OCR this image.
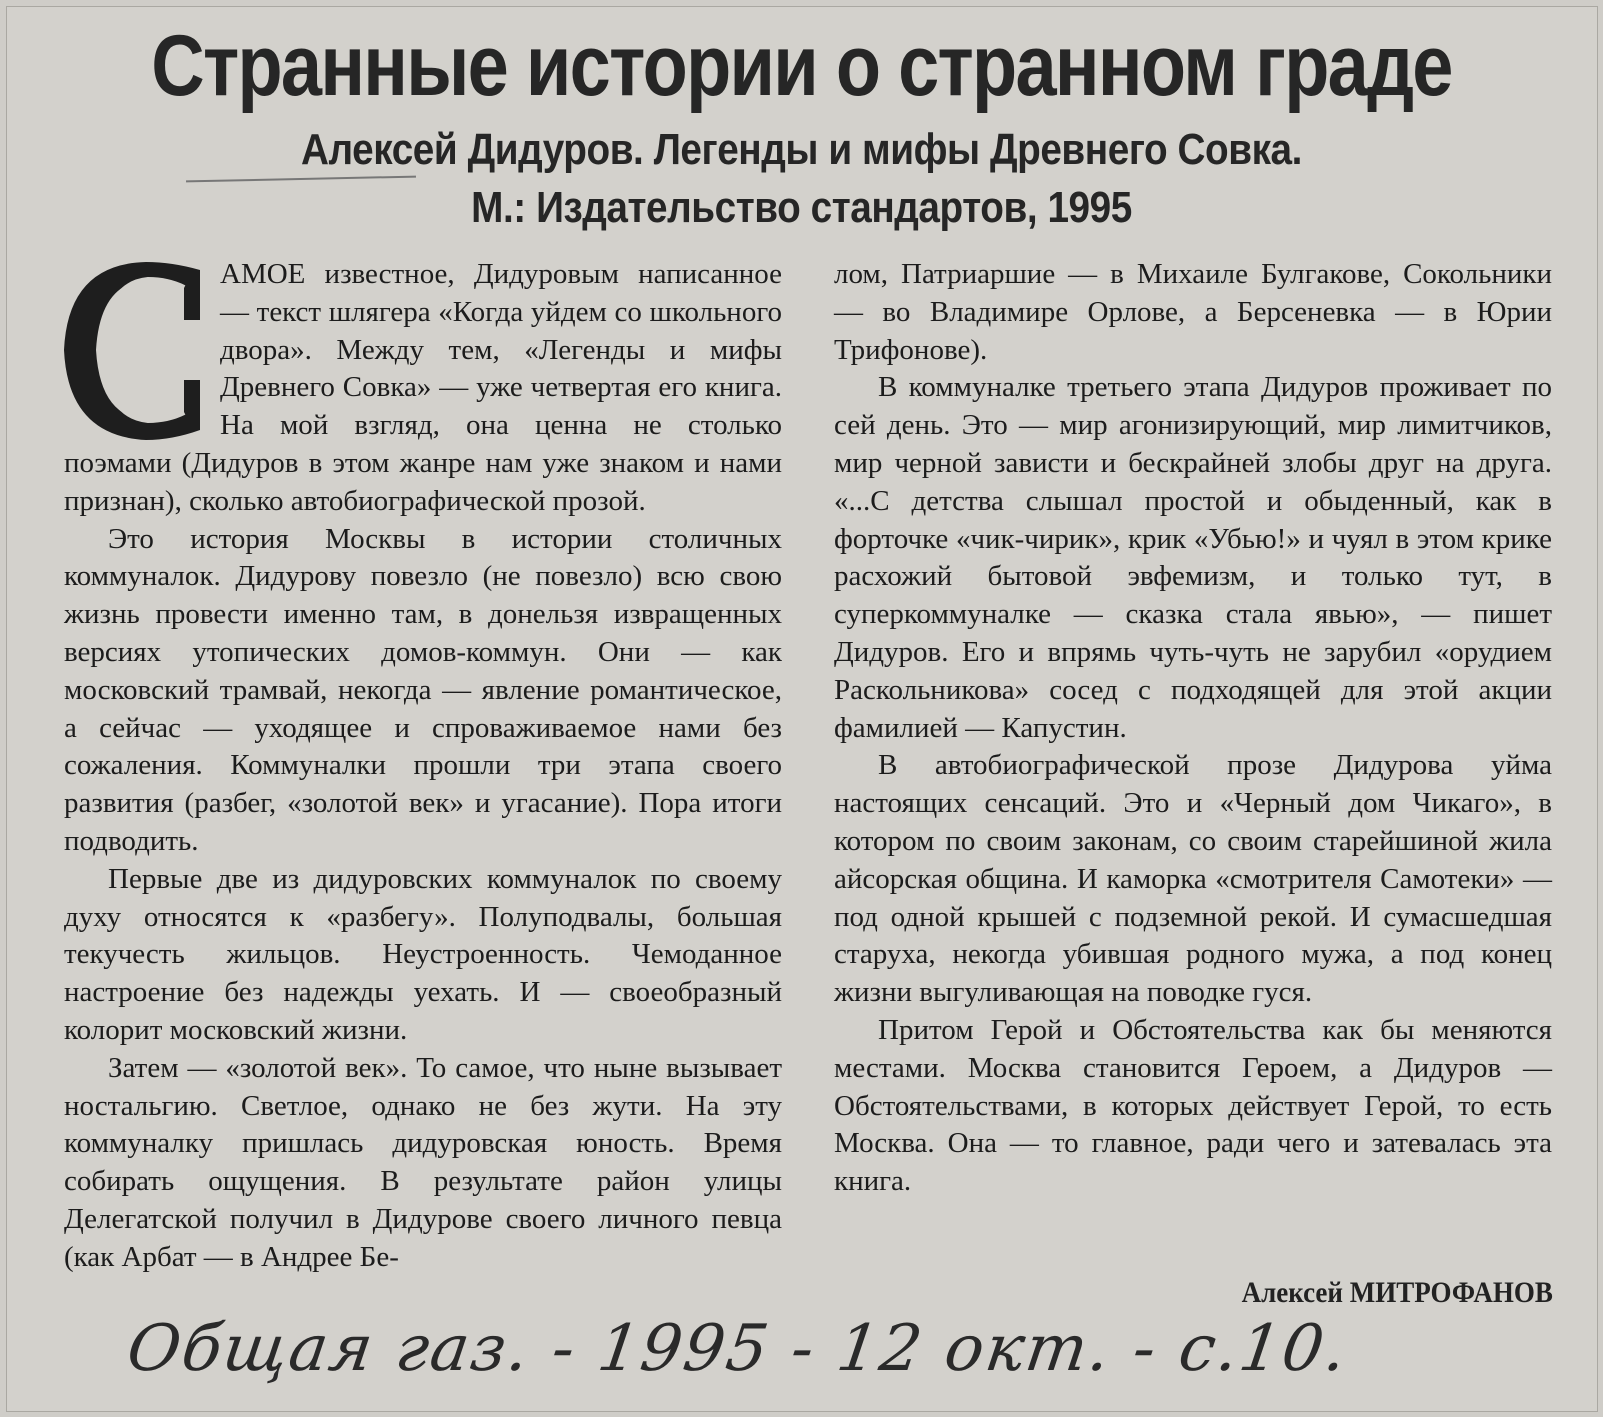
Странные истории о странном граде
Алексей Дидуров. Легенды и мифы Древнего Совка.
М.: Издательство стандартов, 1995

АМОЕ известное, Дидуровым написанное — текст шлягера «Когда уйдем со школьного двора». Между тем, «Легенды и мифы Древнего Совка» — уже четвертая его книга. На мой взгляд, она ценна не столько поэмами (Дидуров в этом жанре нам уже знаком и нами признан), сколько автобиографической прозой.

Это история Москвы в истории столичных коммуналок. Дидурову повезло (не повезло) всю свою жизнь провести именно там, в донельзя извращенных версиях утопических домов-коммун. Они — как московский трамвай, некогда — явление романтическое, а сейчас — уходящее и спроваживаемое нами без сожаления. Коммуналки прошли три этапа своего развития (разбег, «золотой век» и угасание). Пора итоги подводить.

Первые две из дидуровских коммуналок по своему духу относятся к «разбегу». Полуподвалы, большая текучесть жильцов. Неустроенность. Чемоданное настроение без надежды уехать. И — своеобразный колорит московский жизни.

Затем — «золотой век». То самое, что ныне вызывает ностальгию. Светлое, однако не без жути. На эту коммуналку пришлась дидуровская юность. Время собирать ощущения. В результате район улицы Делегатской получил в Дидурове своего личного певца (как Арбат — в Андрее Бе-

лом, Патриаршие — в Михаиле Булгакове, Сокольники — во Владимире Орлове, а Берсеневка — в Юрии Трифонове).

В коммуналке третьего этапа Дидуров проживает по сей день. Это — мир агонизирующий, мир лимитчиков, мир черной зависти и бескрайней злобы друг на друга. «...С детства слышал простой и обыденный, как в форточке «чик-чирик», крик «Убью!» и чуял в этом крике расхожий бытовой эвфемизм, и только тут, в суперкоммуналке — сказка стала явью», — пишет Дидуров. Его и впрямь чуть-чуть не зарубил «орудием Раскольникова» сосед с подходящей для этой акции фамилией — Капустин.

В автобиографической прозе Дидурова уйма настоящих сенсаций. Это и «Черный дом Чикаго», в котором по своим законам, со своим старейшиной жила айсорская община. И каморка «смотрителя Самотеки» — под одной крышей с подземной рекой. И сумасшедшая старуха, некогда убившая родного мужа, а под конец жизни выгуливающая на поводке гуся.

Притом Герой и Обстоятельства как бы меняются местами. Москва становится Героем, а Дидуров — Обстоятельствами, в которых действует Герой, то есть Москва. Она — то главное, ради чего и затевалась эта книга.

Алексей МИТРОФАНОВ
Общая газ. - 1995 - 12 окт. - с.10.
